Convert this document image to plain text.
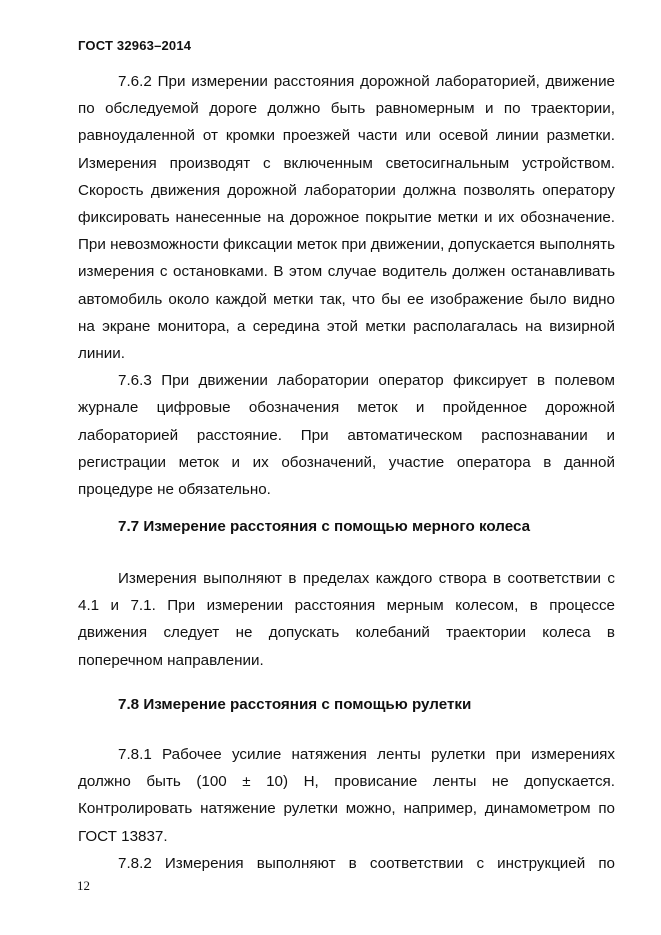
ГОСТ 32963–2014

7.6.2 При измерении расстояния дорожной лабораторией, движение по обследуемой дороге должно быть равномерным и по траектории, равноудаленной от кромки проезжей части или осевой линии разметки. Измерения производят с включенным светосигнальным устройством. Скорость движения дорожной лаборатории должна позволять оператору фиксировать нанесенные на дорожное покрытие метки и их обозначение. При невозможности фиксации меток при движении, допускается выполнять измерения с остановками. В этом случае водитель должен останавливать автомобиль около каждой метки так, что бы ее изображение было видно на экране монитора, а середина этой метки располагалась на визирной линии.

7.6.3 При движении лаборатории оператор фиксирует в полевом журнале цифровые обозначения меток и пройденное дорожной лабораторией расстояние. При автоматическом распознавании и регистрации меток и их обозначений, участие оператора в данной процедуре не обязательно.

7.7 Измерение расстояния с помощью мерного колеса

Измерения выполняют в пределах каждого створа в соответствии с 4.1 и 7.1. При измерении расстояния мерным колесом, в процессе движения следует не допускать колебаний траектории колеса в поперечном направлении.

7.8 Измерение расстояния с помощью рулетки

7.8.1 Рабочее усилие натяжения ленты рулетки при измерениях должно быть (100 ± 10) Н, провисание ленты не допускается. Контролировать натяжение рулетки можно, например, динамометром по ГОСТ 13837.

7.8.2 Измерения выполняют в соответствии с инструкцией по

12
